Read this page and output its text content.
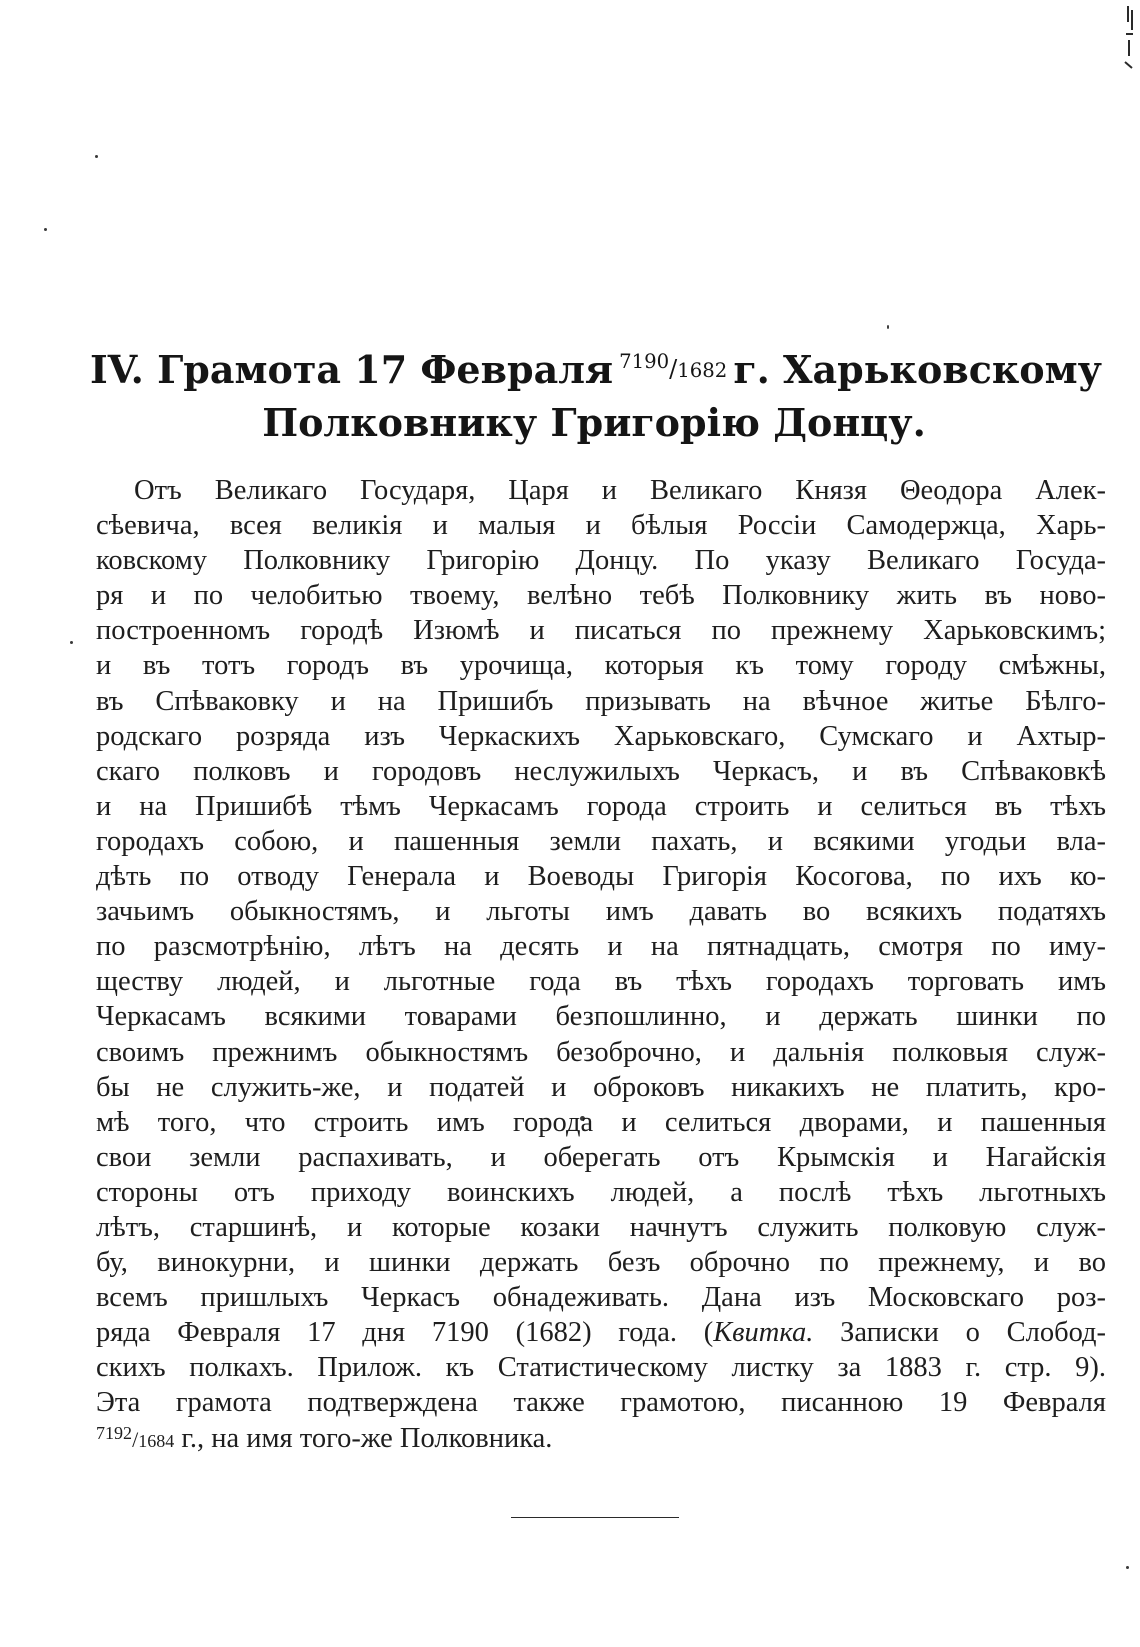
IV. Грамота 17 Февраля $^{7190}$/1682 г. Харьковскому
Полковнику Григорію Донцу.
Отъ Великаго Государя, Царя и Великаго Князя Θеодора Алек-
сѣевича, всея великія и малыя и бѣлыя Россіи Самодержца, Харь-
ковскому Полковнику Григорію Донцу. По указу Великаго Госуда-
ря и по челобитью твоему, велѣно тебѣ Полковнику жить въ ново-
построенномъ городѣ Изюмѣ и писаться по прежнему Харьковскимъ;
и въ тотъ городъ въ урочища, которыя къ тому городу смѣжны,
въ Спѣваковку и на Пришибъ призывать на вѣчное житье Бѣлго-
родскаго розряда изъ Черкаскихъ Харьковскаго, Сумскаго и Ахтыр-
скаго полковъ и городовъ неслужилыхъ Черкасъ, и въ Спѣваковкѣ
и на Пришибѣ тѣмъ Черкасамъ города строить и селиться въ тѣхъ
городахъ собою, и пашенныя земли пахать, и всякими угодьи вла-
дѣть по отводу Генерала и Воеводы Григорія Косогова, по ихъ ко-
зачьимъ обыкностямъ, и льготы имъ давать во всякихъ податяхъ
по разсмотрѣнію, лѣтъ на десять и на пятнадцать, смотря по иму-
ществу людей, и льготные года въ тѣхъ городахъ торговать имъ
Черкасамъ всякими товарами безпошлинно, и держать шинки по
своимъ прежнимъ обыкностямъ безоброчно, и дальнія полковыя служ-
бы не служить-же, и податей и оброковъ никакихъ не платить, кро-
мѣ того, что строить имъ города и селиться дворами, и пашенныя
свои земли распахивать, и оберегать отъ Крымскія и Нагайскія
стороны отъ приходу воинскихъ людей, а послѣ тѣхъ льготныхъ
лѣтъ, старшинѣ, и которые козаки начнутъ служить полковую служ-
бу, винокурни, и шинки держать безъ оброчно по прежнему, и во
всемъ пришлыхъ Черкасъ обнадеживать. Дана изъ Московскаго роз-
ряда Февраля 17 дня 7190 (1682) года. (Квитка. Записки о Слобод-
скихъ полкахъ. Прилож. къ Статистическому листку за 1883 г. стр. 9).
Эта грамота подтверждена также грамотою, писанною 19 Февраля
$^{7192}$/1684 г., на имя того-же Полковника.
